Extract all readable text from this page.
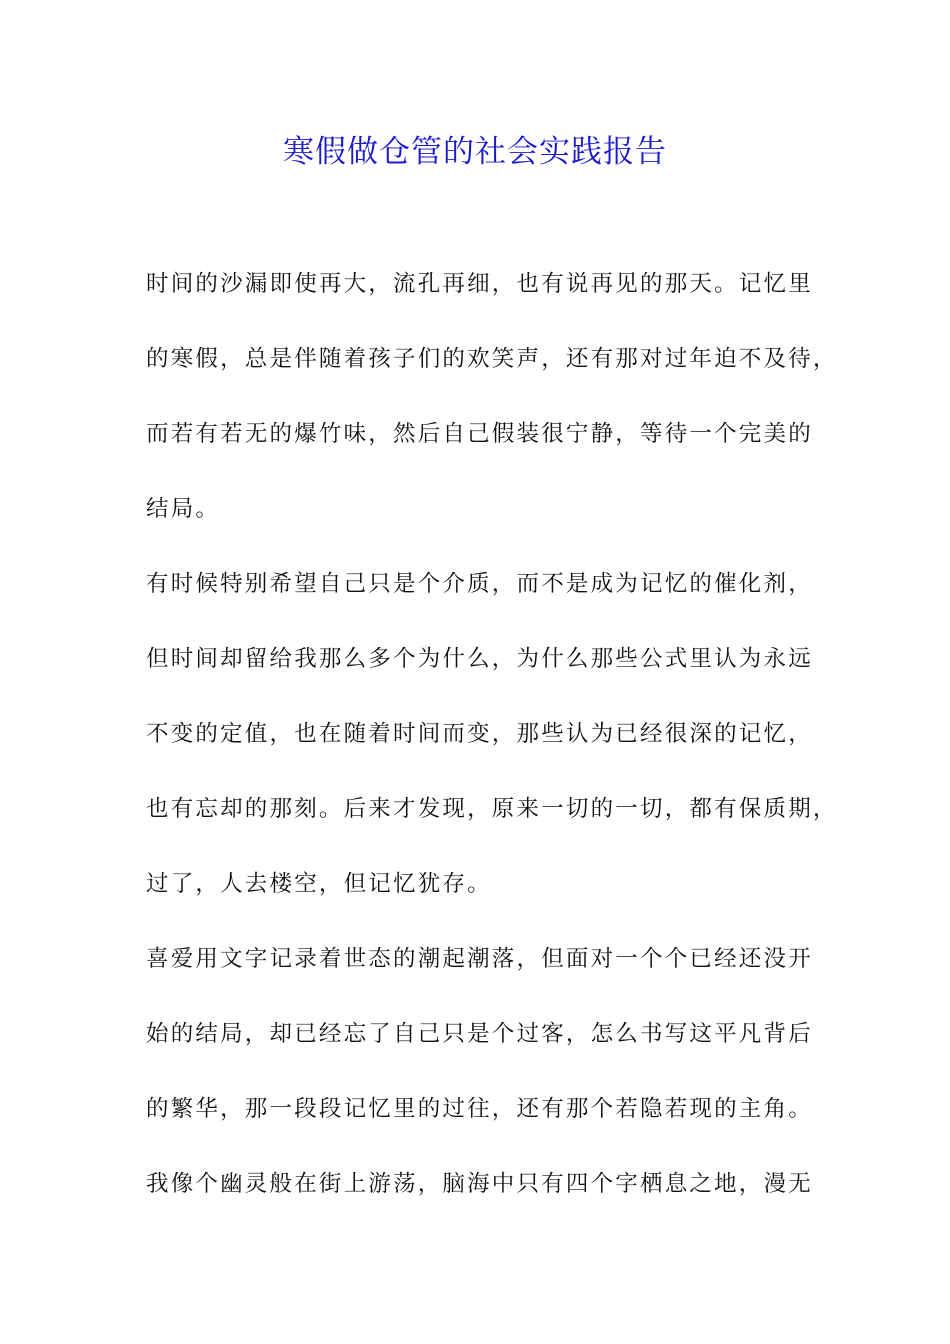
寒假做仓管的社会实践报告

时间的沙漏即使再大，流孔再细，也有说再见的那天。记忆里

的寒假，总是伴随着孩子们的欢笑声，还有那对过年迫不及待，

而若有若无的爆竹味，然后自己假装很宁静，等待一个完美的

结局。

有时候特别希望自己只是个介质，而不是成为记忆的催化剂，

但时间却留给我那么多个为什么，为什么那些公式里认为永远

不变的定值，也在随着时间而变，那些认为已经很深的记忆，

也有忘却的那刻。后来才发现，原来一切的一切，都有保质期，

过了，人去楼空，但记忆犹存。

喜爱用文字记录着世态的潮起潮落，但面对一个个已经还没开

始的结局，却已经忘了自己只是个过客，怎么书写这平凡背后

的繁华，那一段段记忆里的过往，还有那个若隐若现的主角。

我像个幽灵般在街上游荡，脑海中只有四个字栖息之地，漫无
